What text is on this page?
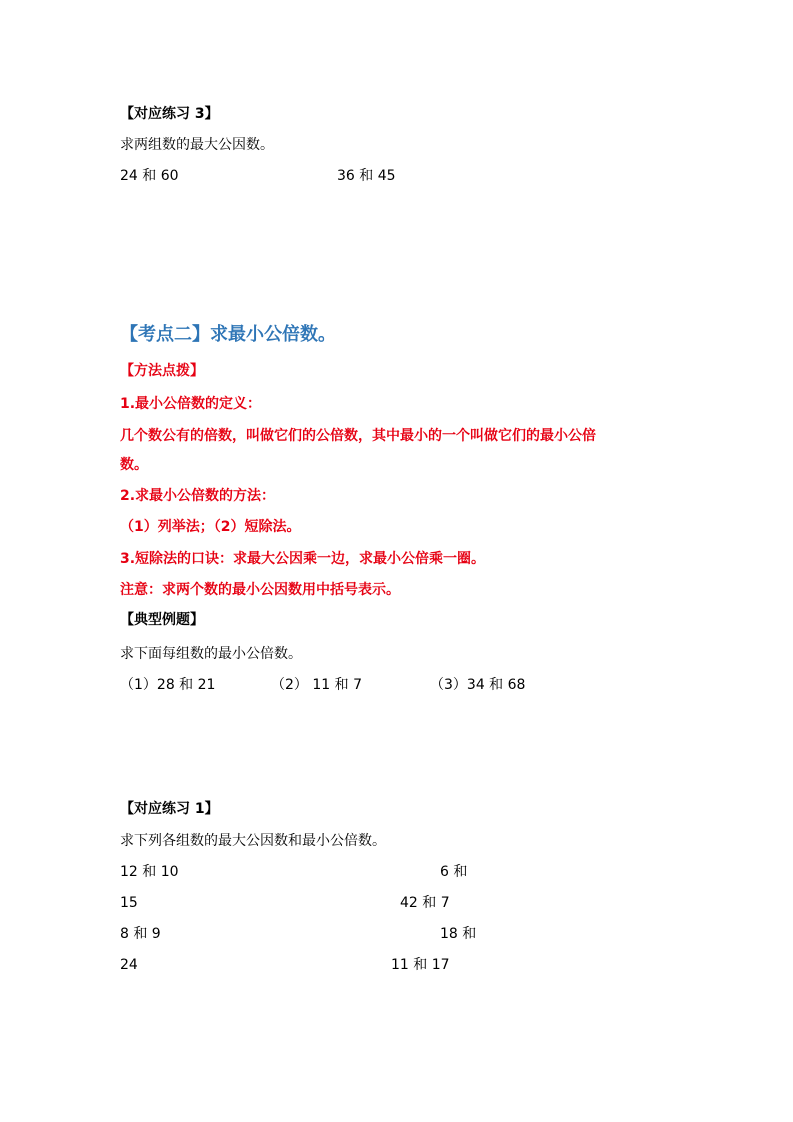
【对应练习 3】
求两组数的最大公因数。
24 和 60	36 和 45
【考点二】求最小公倍数。
【方法点拨】
1.最小公倍数的定义：
几个数公有的倍数，叫做它们的公倍数，其中最小的一个叫做它们的最小公倍
数。
2.求最小公倍数的方法：
（1）列举法；（2）短除法。
3.短除法的口诀：求最大公因乘一边，求最小公倍乘一圈。
注意：求两个数的最小公因数用中括号表示。
【典型例题】
求下面每组数的最小公倍数。
（1）28 和 21	（2） 11 和 7	（3）34 和 68
【对应练习 1】
求下列各组数的最大公因数和最小公倍数。
12 和 10	6 和
15	42 和 7
8 和 9	18 和
24	11 和 17
